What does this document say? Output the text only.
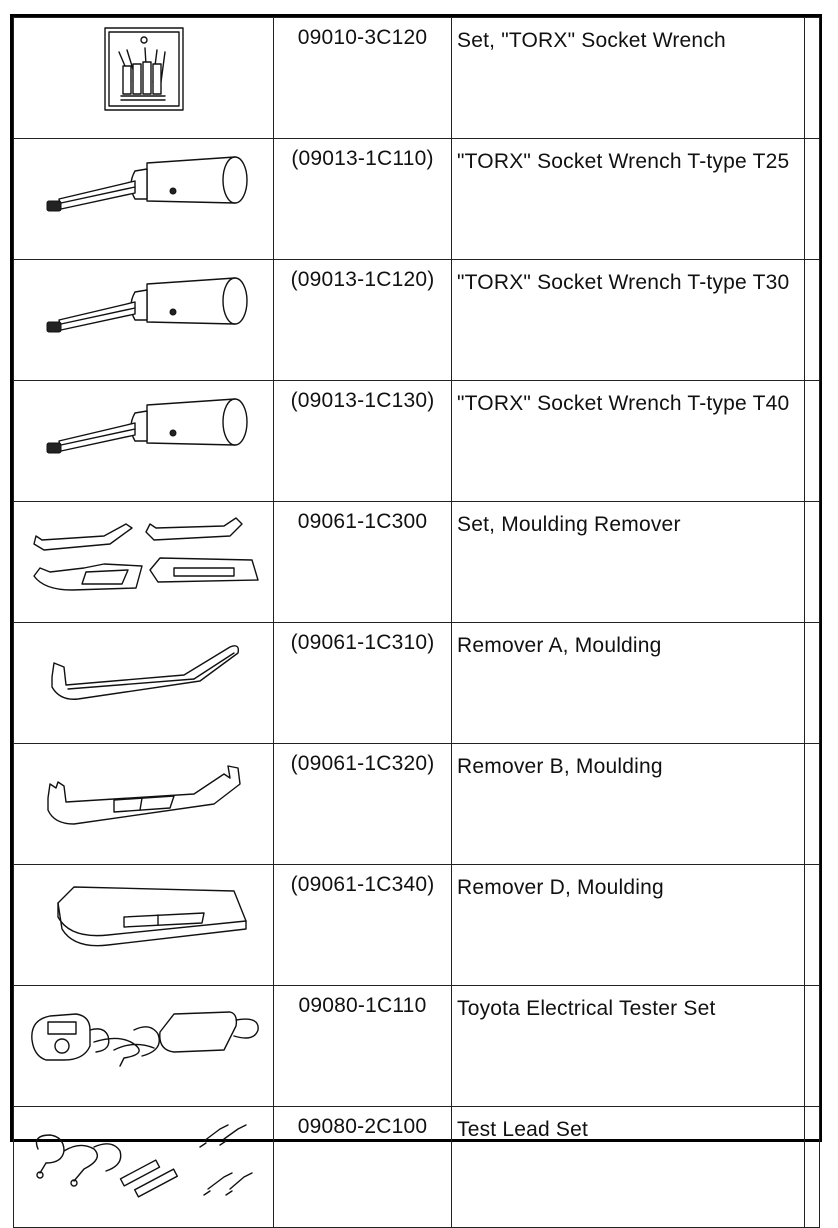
	09010-3C120	Set, "TORX" Socket Wrench	

	(09013-1C110)	"TORX" Socket Wrench T-type T25	

	(09013-1C120)	"TORX" Socket Wrench T-type T30	

	(09013-1C130)	"TORX" Socket Wrench T-type T40	

	09061-1C300	Set, Moulding Remover	

	(09061-1C310)	Remover A, Moulding	

	(09061-1C320)	Remover B, Moulding	

	(09061-1C340)	Remover D, Moulding	

	09080-1C110	Toyota Electrical Tester Set	

	09080-2C100	Test Lead Set	
